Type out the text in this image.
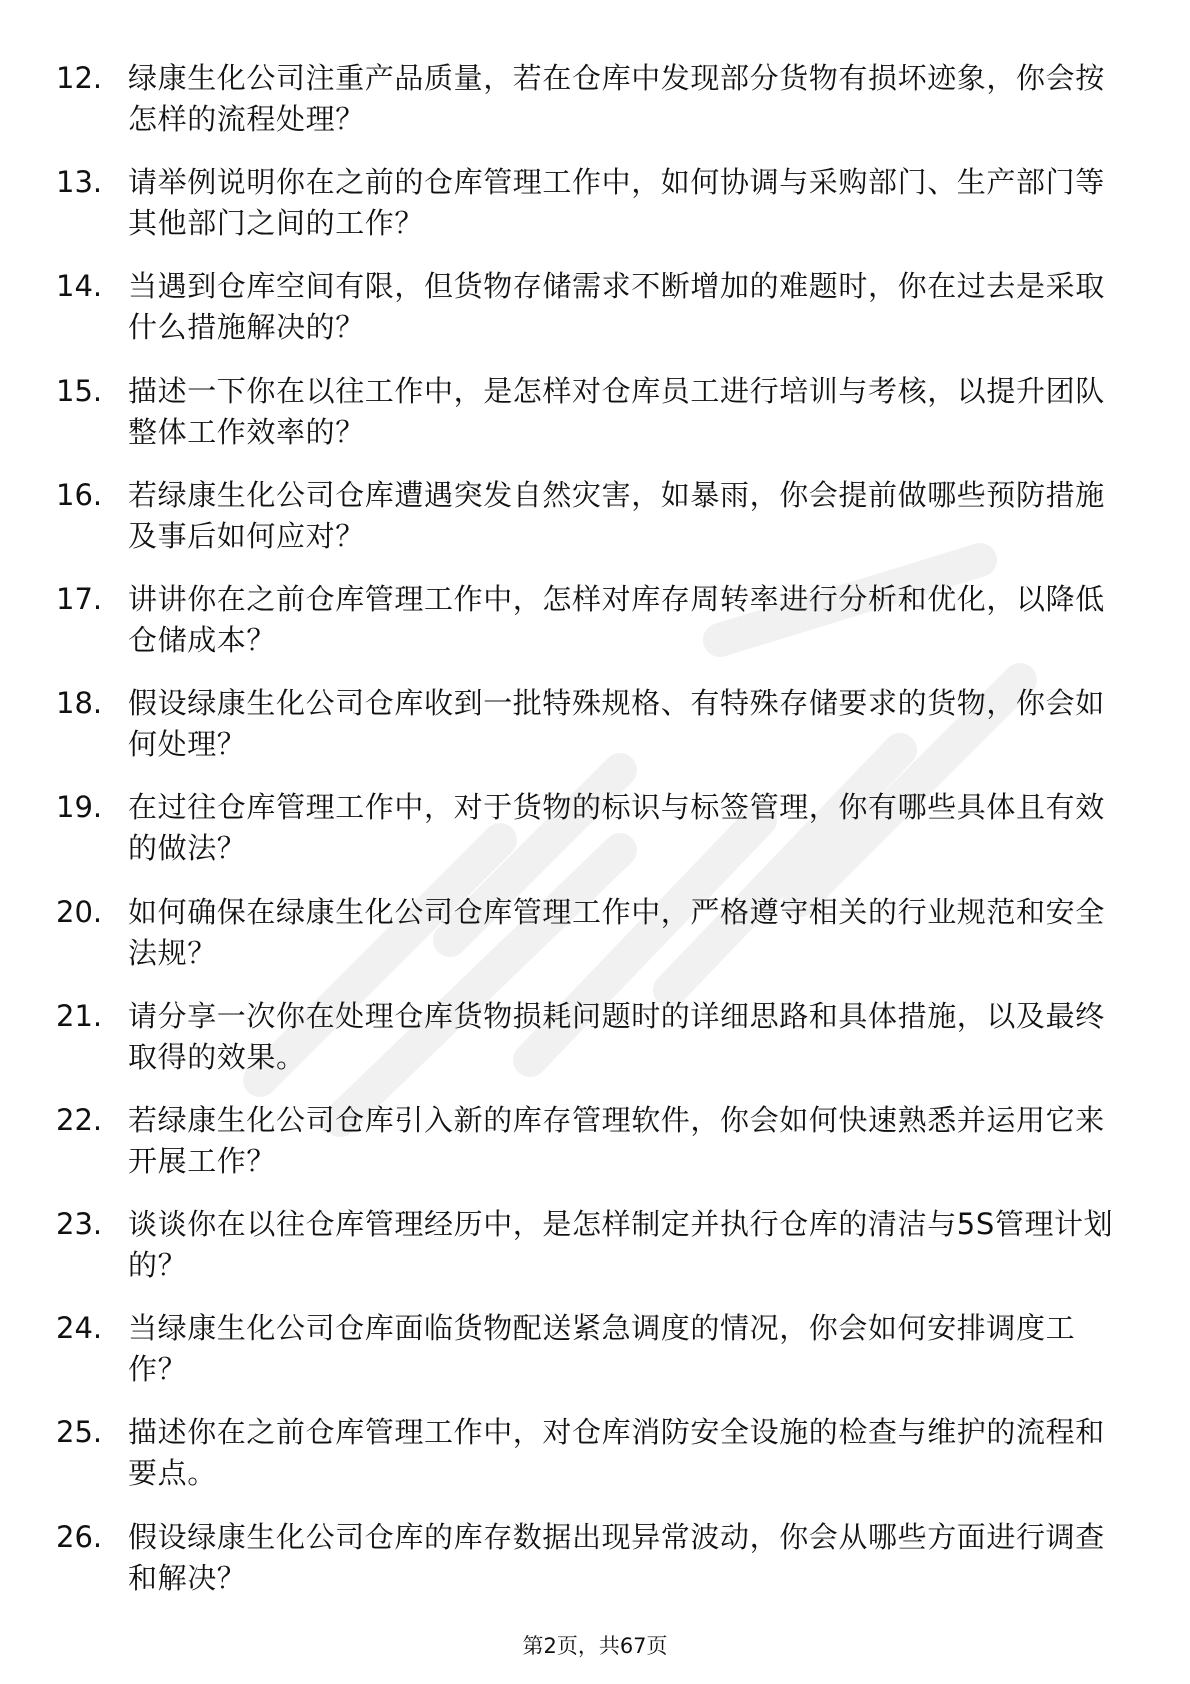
12. 绿康生化公司注重产品质量，若在仓库中发现部分货物有损坏迹象，你会按怎样的流程处理？
13. 请举例说明你在之前的仓库管理工作中，如何协调与采购部门、生产部门等其他部门之间的工作？
14. 当遇到仓库空间有限，但货物存储需求不断增加的难题时，你在过去是采取什么措施解决的？
15. 描述一下你在以往工作中，是怎样对仓库员工进行培训与考核，以提升团队整体工作效率的？
16. 若绿康生化公司仓库遭遇突发自然灾害，如暴雨，你会提前做哪些预防措施及事后如何应对？
17. 讲讲你在之前仓库管理工作中，怎样对库存周转率进行分析和优化，以降低仓储成本？
18. 假设绿康生化公司仓库收到一批特殊规格、有特殊存储要求的货物，你会如何处理？
19. 在过往仓库管理工作中，对于货物的标识与标签管理，你有哪些具体且有效的做法？
20. 如何确保在绿康生化公司仓库管理工作中，严格遵守相关的行业规范和安全法规？
21. 请分享一次你在处理仓库货物损耗问题时的详细思路和具体措施，以及最终取得的效果。
22. 若绿康生化公司仓库引入新的库存管理软件，你会如何快速熟悉并运用它来开展工作？
23. 谈谈你在以往仓库管理经历中，是怎样制定并执行仓库的清洁与5S管理计划的？
24. 当绿康生化公司仓库面临货物配送紧急调度的情况，你会如何安排调度工作？
25. 描述你在之前仓库管理工作中，对仓库消防安全设施的检查与维护的流程和要点。
26. 假设绿康生化公司仓库的库存数据出现异常波动，你会从哪些方面进行调查和解决？
第2页，共67页
